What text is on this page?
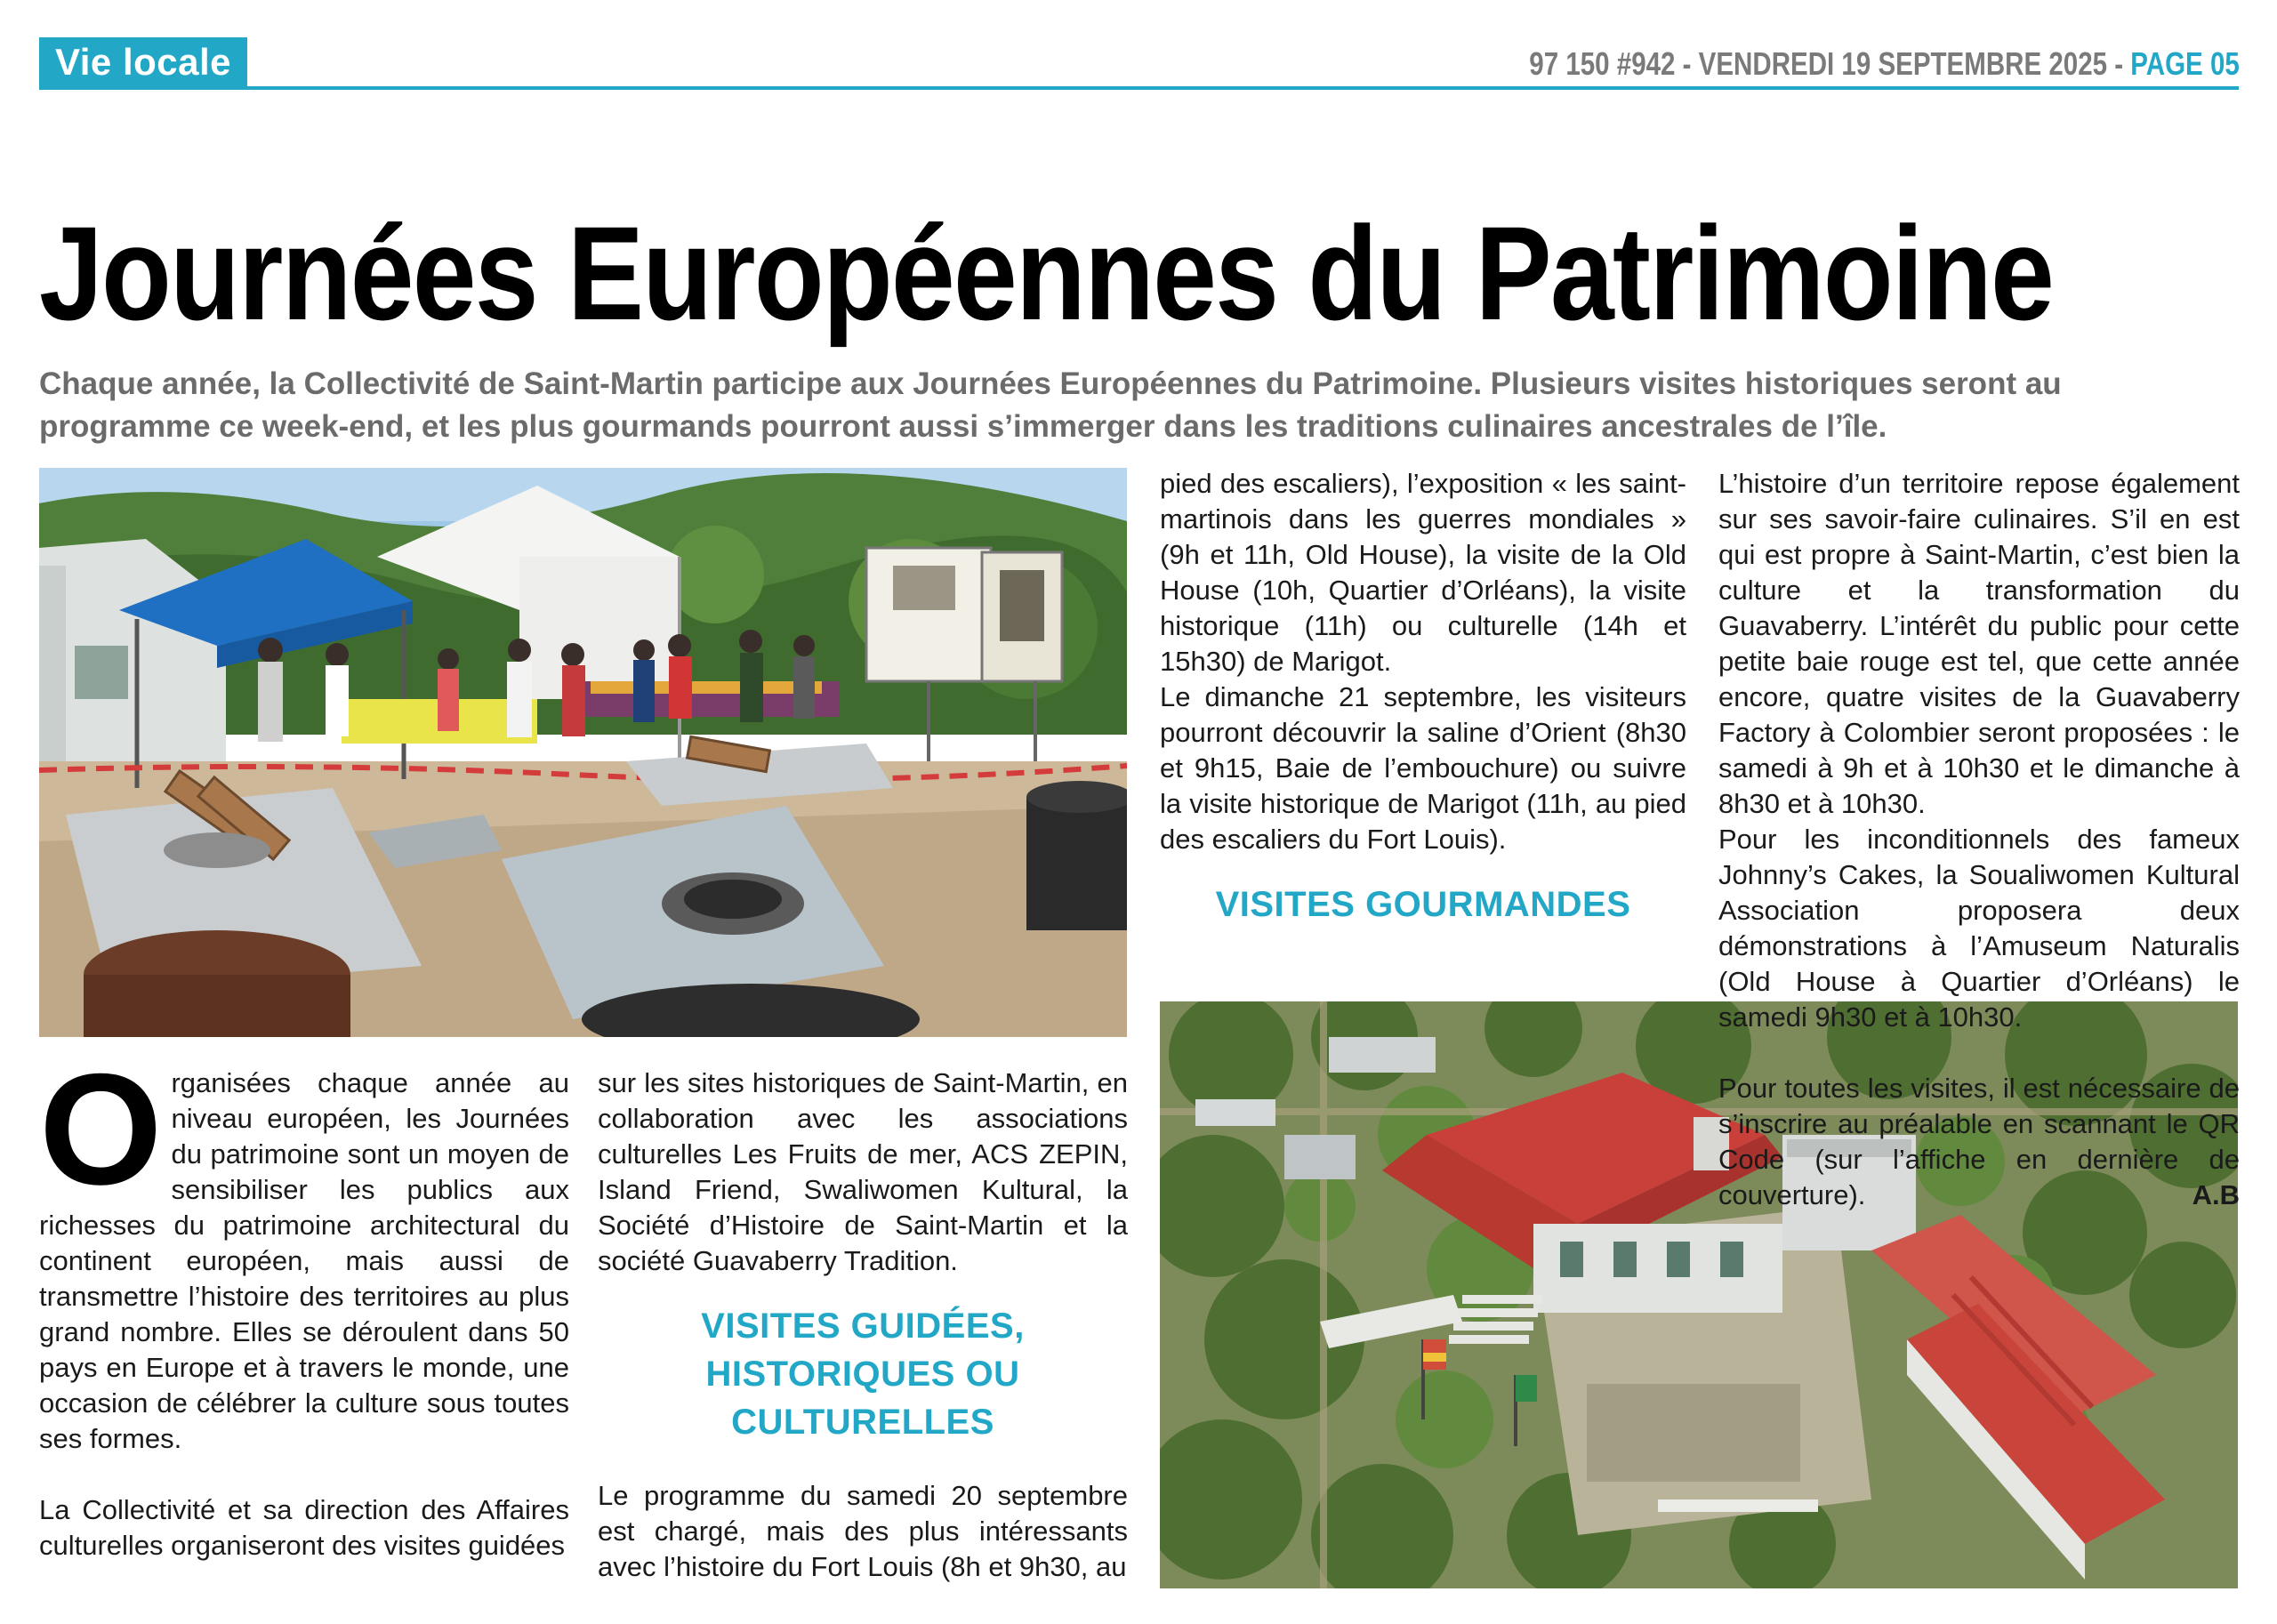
Vie locale	97 150 #942 - VENDREDI 19 SEPTEMBRE 2025 - PAGE 05
Journées Européennes du Patrimoine

Chaque année, la Collectivité de Saint-Martin participe aux Journées Européennes du Patrimoine. Plusieurs visites historiques seront au programme ce week-end, et les plus gourmands pourront aussi s’immerger dans les traditions culinaires ancestrales de l’île.

Organisées chaque année au niveau européen, les Journées du patrimoine sont un moyen de sensibiliser les publics aux richesses du patrimoine architectural du continent européen, mais aussi de transmettre l’histoire des territoires au plus grand nombre. Elles se déroulent dans 50 pays en Europe et à travers le monde, une occasion de célébrer la culture sous toutes ses formes.

La Collectivité et sa direction des Affaires culturelles organiseront des visites guidées

sur les sites historiques de Saint-Martin, en collaboration avec les associations culturelles Les Fruits de mer, ACS ZEPIN, Island Friend, Swaliwomen Kultural, la Société d’Histoire de Saint-Martin et la société Guavaberry Tradition.

VISITES GUIDÉES, HISTORIQUES OU CULTURELLES

Le programme du samedi 20 septembre est chargé, mais des plus intéressants avec l’histoire du Fort Louis (8h et 9h30, au

pied des escaliers), l’exposition « les saint-martinois dans les guerres mondiales » (9h et 11h, Old House), la visite de la Old House (10h, Quartier d’Orléans), la visite historique (11h) ou culturelle (14h et 15h30) de Marigot.

Le dimanche 21 septembre, les visiteurs pourront découvrir la saline d’Orient (8h30 et 9h15, Baie de l’embouchure) ou suivre la visite historique de Marigot (11h, au pied des escaliers du Fort Louis).

VISITES GOURMANDES

L’histoire d’un territoire repose également sur ses savoir-faire culinaires. S’il en est qui est propre à Saint-Martin, c’est bien la culture et la transformation du Guavaberry. L’intérêt du public pour cette petite baie rouge est tel, que cette année encore, quatre visites de la Guavaberry Factory à Colombier seront proposées : le samedi à 9h et à 10h30 et le dimanche à 8h30 et à 10h30.

Pour les inconditionnels des fameux Johnny’s Cakes, la Soualiwomen Kultural Association proposera deux démonstrations à l’Amuseum Naturalis (Old House à Quartier d’Orléans) le samedi 9h30 et à 10h30.

Pour toutes les visites, il est nécessaire de s’inscrire au préalable en scannant le QR Code (sur l’affiche en dernière de couverture).	A.B
